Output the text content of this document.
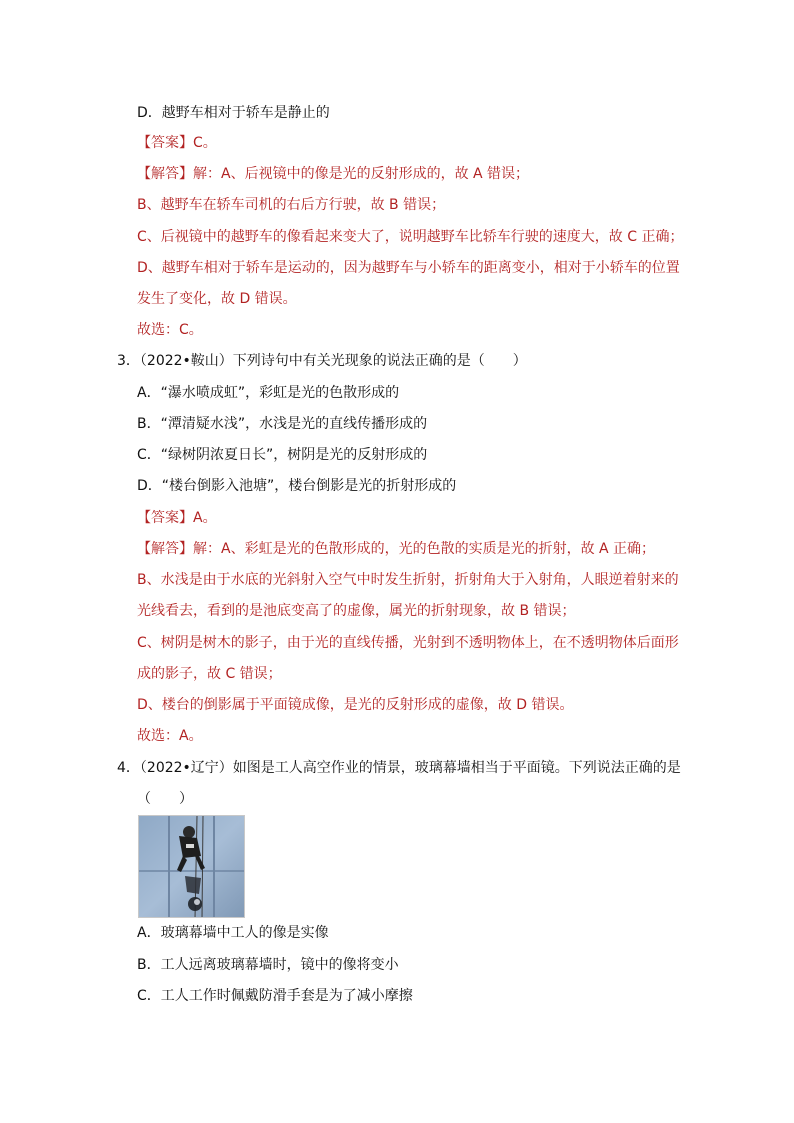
D．越野车相对于轿车是静止的
【答案】C。
【解答】解：A、后视镜中的像是光的反射形成的，故 A 错误；
B、越野车在轿车司机的右后方行驶，故 B 错误；
C、后视镜中的越野车的像看起来变大了，说明越野车比轿车行驶的速度大，故 C 正确；
D、越野车相对于轿车是运动的，因为越野车与小轿车的距离变小，相对于小轿车的位置
发生了变化，故 D 错误。
故选：C。
3．（2022•鞍山）下列诗句中有关光现象的说法正确的是（　　）
A．“瀑水喷成虹”，彩虹是光的色散形成的
B．“潭清疑水浅”，水浅是光的直线传播形成的
C．“绿树阴浓夏日长”，树阴是光的反射形成的
D．“楼台倒影入池塘”，楼台倒影是光的折射形成的
【答案】A。
【解答】解：A、彩虹是光的色散形成的，光的色散的实质是光的折射，故 A 正确；
B、水浅是由于水底的光斜射入空气中时发生折射，折射角大于入射角，人眼逆着射来的
光线看去，看到的是池底变高了的虚像，属光的折射现象，故 B 错误；
C、树阴是树木的影子，由于光的直线传播，光射到不透明物体上，在不透明物体后面形
成的影子，故 C 错误；
D、楼台的倒影属于平面镜成像，是光的反射形成的虚像，故 D 错误。
故选：A。
4．（2022•辽宁）如图是工人高空作业的情景，玻璃幕墙相当于平面镜。下列说法正确的是
（　　）
A．玻璃幕墙中工人的像是实像
B．工人远离玻璃幕墙时，镜中的像将变小
C．工人工作时佩戴防滑手套是为了减小摩擦
